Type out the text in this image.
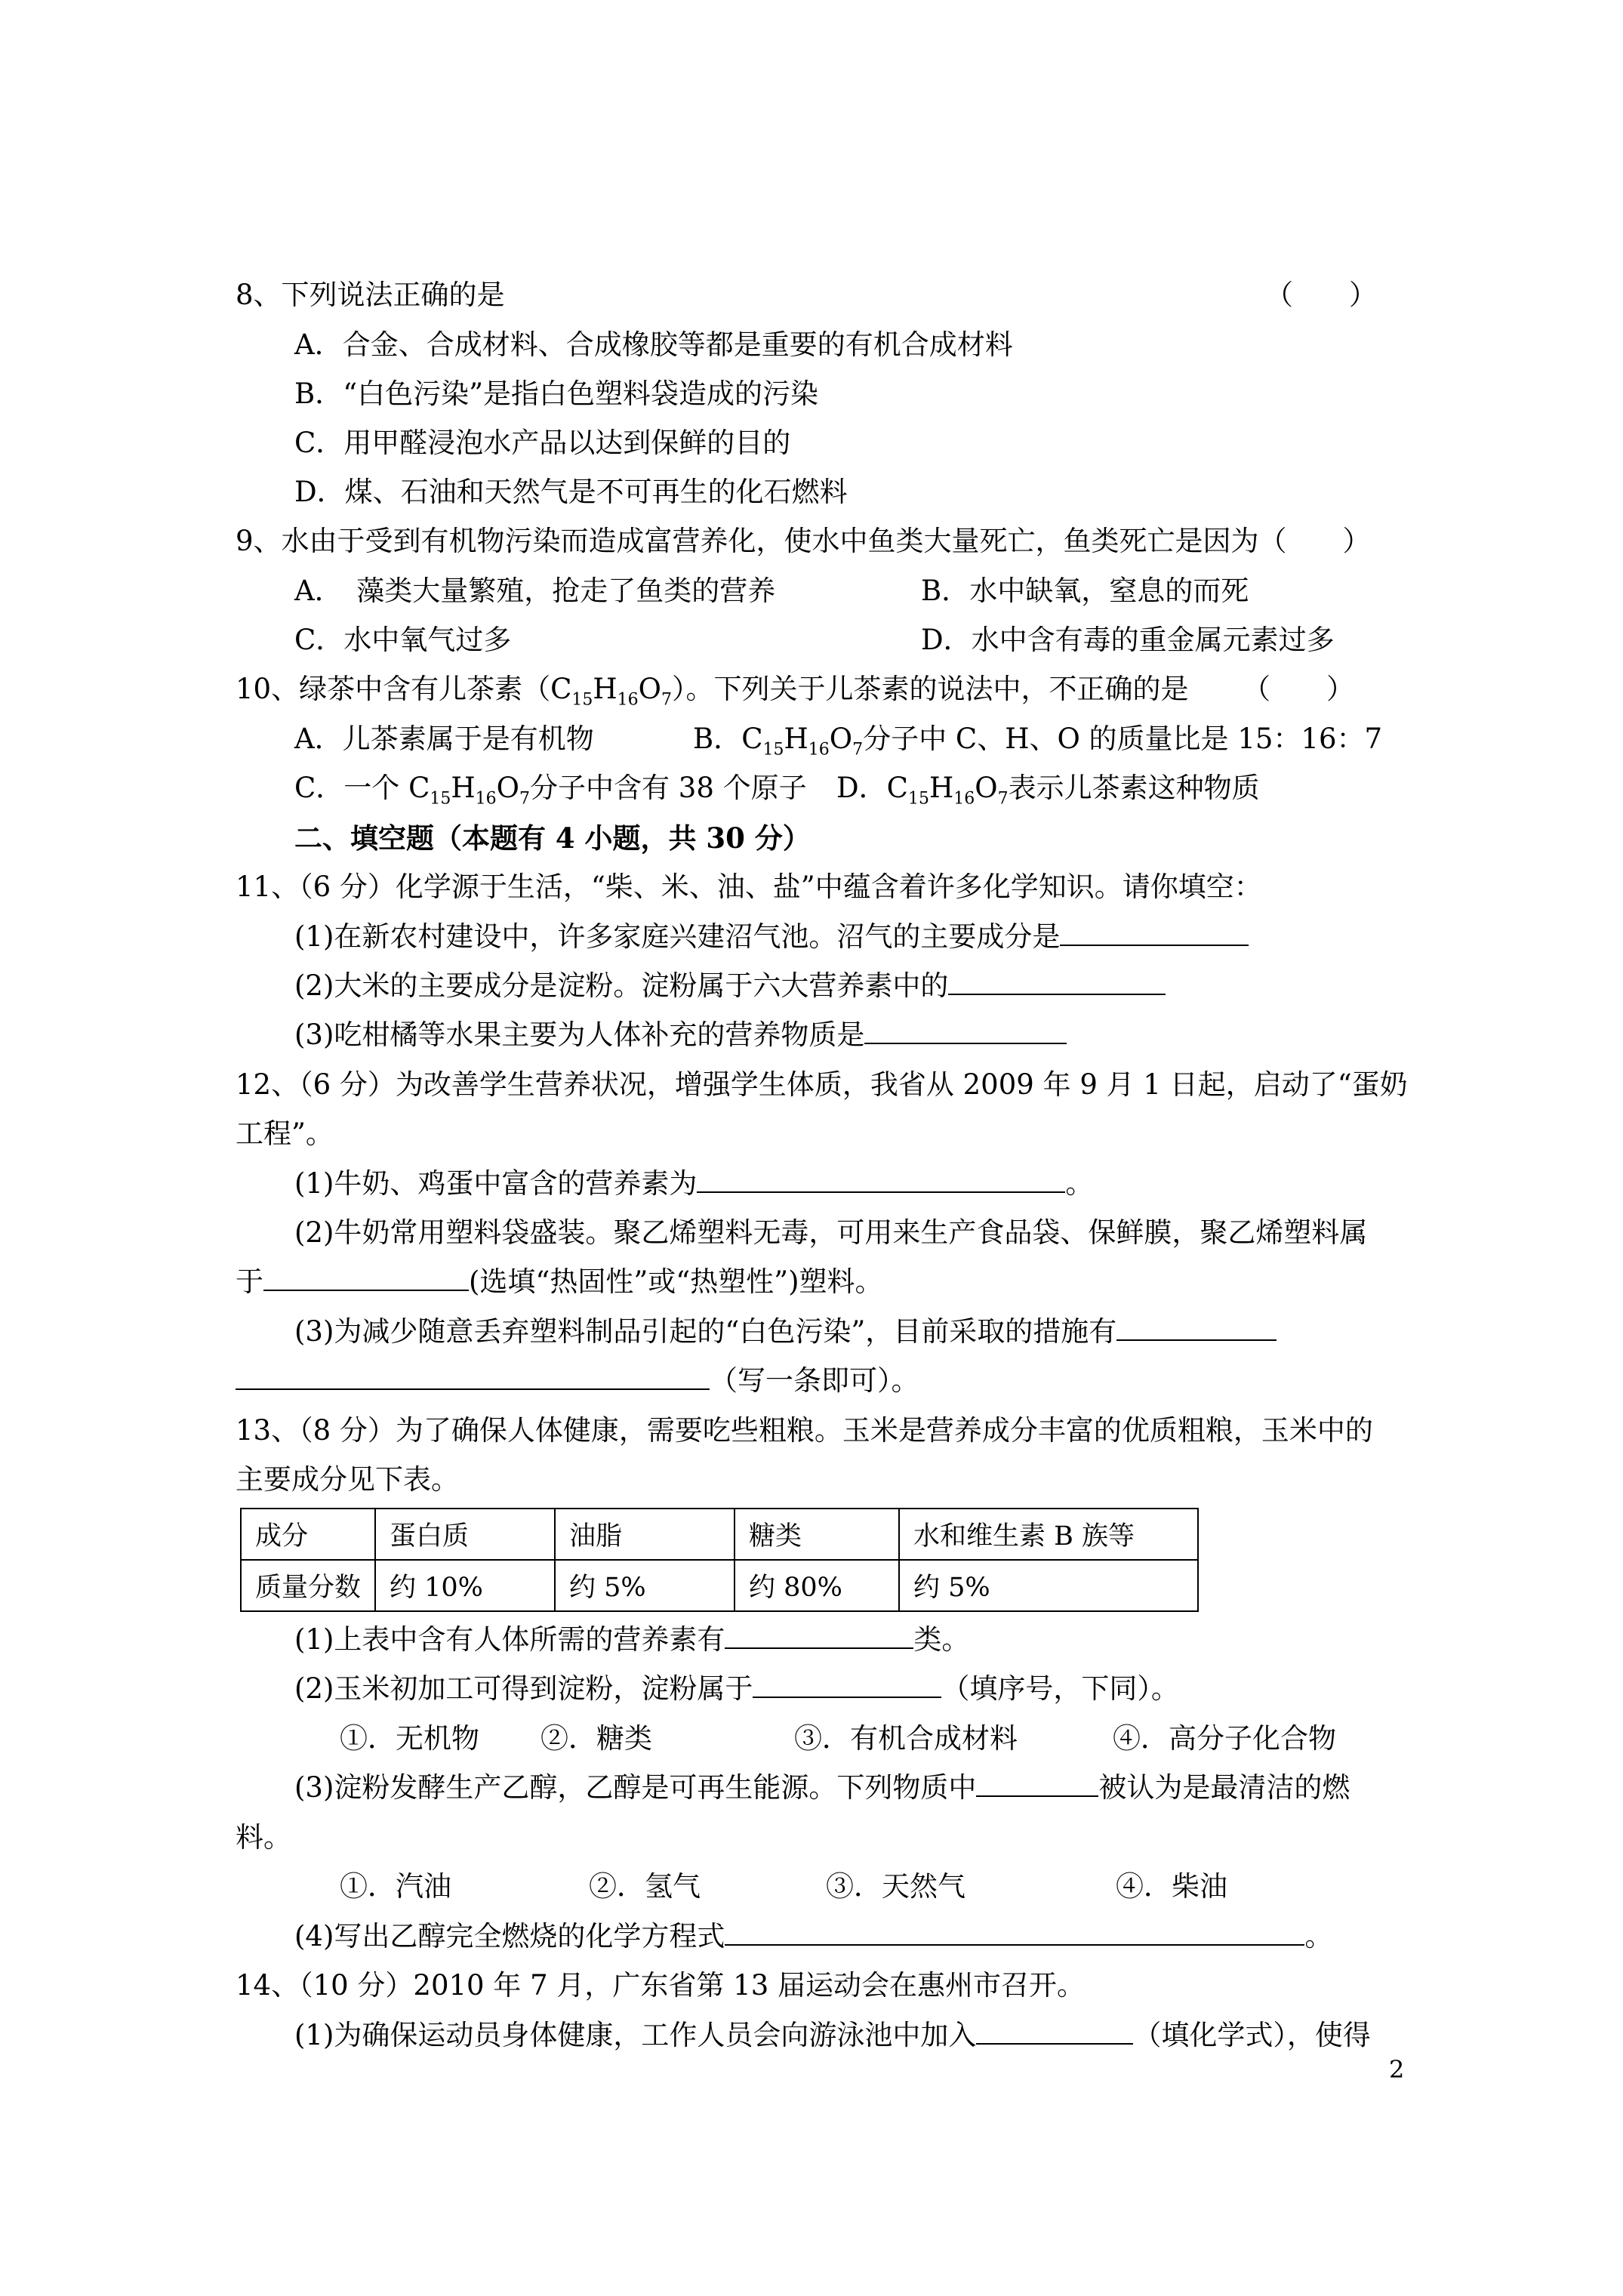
8、下列说法正确的是	（　　）
A．合金、合成材料、合成橡胶等都是重要的有机合成材料
B．“白色污染”是指白色塑料袋造成的污染
C．用甲醛浸泡水产品以达到保鲜的目的
D．煤、石油和天然气是不可再生的化石燃料
9、水由于受到有机物污染而造成富营养化，使水中鱼类大量死亡，鱼类死亡是因为（　　）
A．　藻类大量繁殖，抢走了鱼类的营养	B．水中缺氧，窒息的而死
C．水中氧气过多	D．水中含有毒的重金属元素过多
10、绿茶中含有儿茶素$(C_{15}H_{16}O_7)$。下列关于儿茶素的说法中，不正确的是 （　　）
A．儿茶素属于是有机物	B．$C_{15}H_{16}O_7$分子中 C、H、O 的质量比是 15：16：7
C．一个 $C_{15}H_{16}O_7$分子中含有 38 个原子 D．$C_{15}H_{16}O_7$表示儿茶素这种物质
二、填空题（本题有 4 小题，共 30 分）
11、（6 分）化学源于生活，“柴、米、油、盐”中蕴含着许多化学知识。请你填空：
(1)在新农村建设中，许多家庭兴建沼气池。沼气的主要成分是
(2)大米的主要成分是淀粉。淀粉属于六大营养素中的
(3)吃柑橘等水果主要为人体补充的营养物质是
12、（6 分）为改善学生营养状况，增强学生体质，我省从 2009 年 9 月 1 日起，启动了“蛋奶
工程”。
(1)牛奶、鸡蛋中富含的营养素为	。
(2)牛奶常用塑料袋盛装。聚乙烯塑料无毒，可用来生产食品袋、保鲜膜，聚乙烯塑料属
于	(选填“热固性”或“热塑性”)塑料。
(3)为减少随意丢弃塑料制品引起的“白色污染”，目前采取的措施有
（写一条即可）。
13、（8 分）为了确保人体健康，需要吃些粗粮。玉米是营养成分丰富的优质粗粮，玉米中的
主要成分见下表。
成分	蛋白质	油脂	糖类	水和维生素 B 族等
质量分数	约 10%	约 5%	约 80%	约 5%
(1)上表中含有人体所需的营养素有	类。
(2)玉米初加工可得到淀粉，淀粉属于	（填序号，下同）。
①．无机物 ②．糖类	③．有机合成材料	④．高分子化合物
(3)淀粉发酵生产乙醇，乙醇是可再生能源。下列物质中	被认为是最清洁的燃
料。
①．汽油	②．氢气	③．天然气	④．柴油
(4)写出乙醇完全燃烧的化学方程式	。
14、（10 分）2010 年 7 月，广东省第 13 届运动会在惠州市召开。
(1)为确保运动员身体健康，工作人员会向游泳池中加入	（填化学式），使得
2
